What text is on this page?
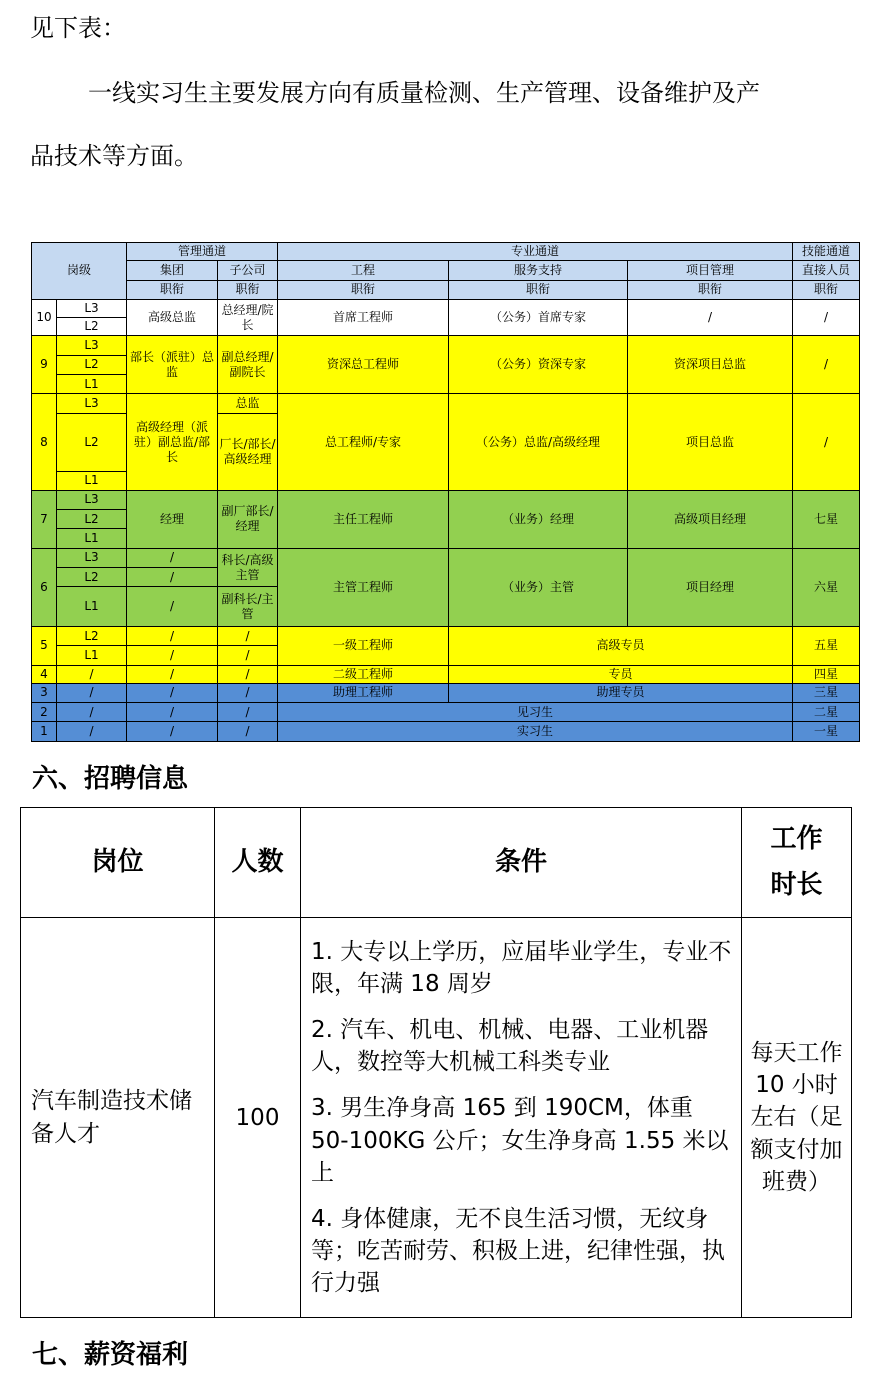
见下表：
一线实习生主要发展方向有质量检测、生产管理、设备维护及产
品技术等方面。
岗级		管理通道		专业通道			技能通道
		集团	子公司	工程	服务支持	项目管理	直接人员
		职衔	职衔	职衔	职衔	职衔	职衔
10	L3	高级总监	总经理/院长	首席工程师	（公务）首席专家	/	/
	L2						
9	L3	部长（派驻）总监	副总经理/副院长	资深总工程师	（公务）资深专家	资深项目总监	/
	L2						
	L1						
8	L3	高级经理（派驻）副总监/部长	总监	总工程师/专家	（公务）总监/高级经理	项目总监	/
	L2		厂长/部长/高级经理				
	L1						
7	L3	经理	副厂部长/经理	主任工程师	（业务）经理	高级项目经理	七星
	L2						
	L1						
6	L3	/	科长/高级主管	主管工程师	（业务）主管	项目经理	六星
	L2	/					
	L1	/	副科长/主管				
5	L2	/	/	一级工程师	高级专员		五星
	L1	/	/				
4	/	/	/	二级工程师	专员		四星
3	/	/	/	助理工程师	助理专员		三星
2	/	/	/	见习生			二星
1	/	/	/	实习生			一星
六、招聘信息
岗位	人数	条件	工作
时长

汽车制造技术储备人才	100	1. 大专以上学历，应届毕业学生，专业不限，年满 18 周岁
2. 汽车、机电、机械、电器、工业机器人，数控等大机械工科类专业
3. 男生净身高 165 到 190CM，体重 50-100KG 公斤；女生净身高 1.55 米以上
4. 身体健康，无不良生活习惯，无纹身等；吃苦耐劳、积极上进，纪律性强，执行力强	每天工作 10 小时左右（足额支付加班费）
七、薪资福利
